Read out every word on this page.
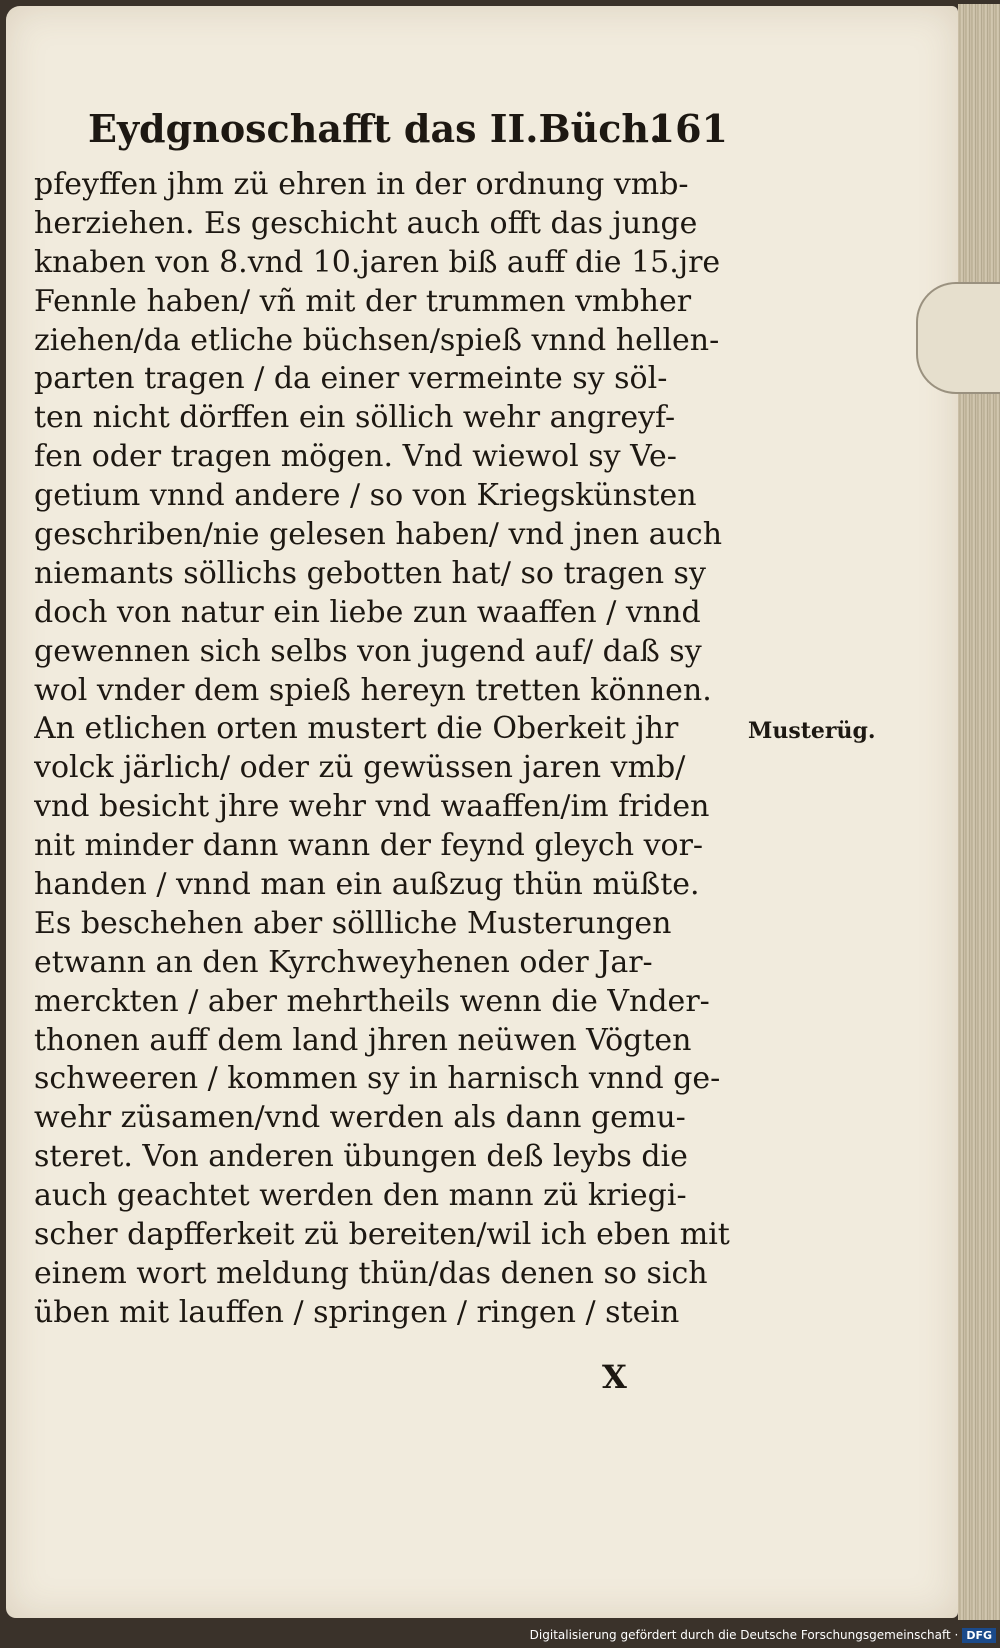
Eydgnoschafft das II.Büch.
161
pfeyffen jhm zü ehren in der ordnung vmb-
herziehen. Es geschicht auch offt das junge
knaben von 8.vnd 10.jaren biß auff die 15.jre
Fennle haben/ vñ mit der trummen vmbher
ziehen/da etliche büchsen/spieß vnnd hellen-
parten tragen / da einer vermeinte sy söl-
ten nicht dörffen ein söllich wehr angreyf-
fen oder tragen mögen. Vnd wiewol sy Ve-
getium vnnd andere / so von Kriegskünsten
geschriben/nie gelesen haben/ vnd jnen auch
niemants söllichs gebotten hat/ so tragen sy
doch von natur ein liebe zun waaffen / vnnd
gewennen sich selbs von jugend auf/ daß sy
wol vnder dem spieß hereyn tretten können.
An etlichen orten mustert die Oberkeit jhr
volck järlich/ oder zü gewüssen jaren vmb/
vnd besicht jhre wehr vnd waaffen/im friden
nit minder dann wann der feynd gleych vor-
handen / vnnd man ein außzug thün müßte.
Es beschehen aber söllliche Musterungen
etwann an den Kyrchweyhenen oder Jar-
merckten / aber mehrtheils wenn die Vnder-
thonen auff dem land jhren neüwen Vögten
schweeren / kommen sy in harnisch vnnd ge-
wehr züsamen/vnd werden als dann gemu-
steret. Von anderen übungen deß leybs die
auch geachtet werden den mann zü kriegi-
scher dapfferkeit zü bereiten/wil ich eben mit
einem wort meldung thün/das denen so sich
üben mit lauffen / springen / ringen / stein
Musterüg.
X
Digitalisierung gefördert durch die Deutsche Forschungsgemeinschaft · DFG
